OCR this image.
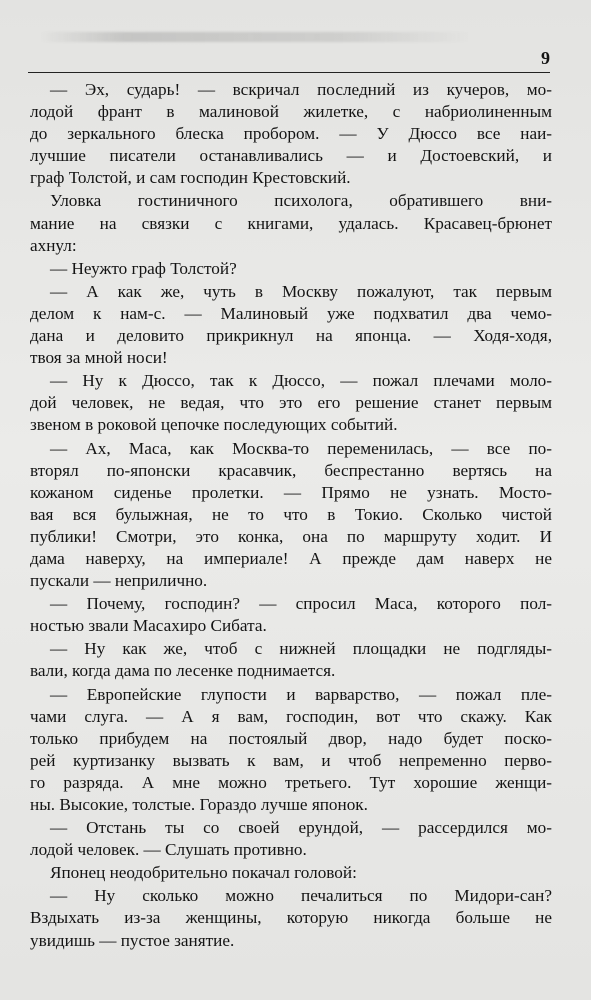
9
— Эх, сударь! — вскричал последний из кучеров, мо-
лодой франт в малиновой жилетке, с набриолиненным
до зеркального блеска пробором. — У Дюссо все наи-
лучшие писатели останавливались — и Достоевский, и
граф Толстой, и сам господин Крестовский.
Уловка гостиничного психолога, обратившего вни-
мание на связки с книгами, удалась. Красавец-брюнет
ахнул:
— Неужто граф Толстой?
— А как же, чуть в Москву пожалуют, так первым
делом к нам-с. — Малиновый уже подхватил два чемо-
дана и деловито прикрикнул на японца. — Ходя-ходя,
твоя за мной носи!
— Ну к Дюссо, так к Дюссо, — пожал плечами моло-
дой человек, не ведая, что это его решение станет первым
звеном в роковой цепочке последующих событий.
— Ах, Маса, как Москва-то переменилась, — все по-
вторял по-японски красавчик, беспрестанно вертясь на
кожаном сиденье пролетки. — Прямо не узнать. Мосто-
вая вся булыжная, не то что в Токио. Сколько чистой
публики! Смотри, это конка, она по маршруту ходит. И
дама наверху, на империале! А прежде дам наверх не
пускали — неприлично.
— Почему, господин? — спросил Маса, которого пол-
ностью звали Масахиро Сибата.
— Ну как же, чтоб с нижней площадки не подгляды-
вали, когда дама по лесенке поднимается.
— Европейские глупости и варварство, — пожал пле-
чами слуга. — А я вам, господин, вот что скажу. Как
только прибудем на постоялый двор, надо будет поско-
рей куртизанку вызвать к вам, и чтоб непременно перво-
го разряда. А мне можно третьего. Тут хорошие женщи-
ны. Высокие, толстые. Гораздо лучше японок.
— Отстань ты со своей ерундой, — рассердился мо-
лодой человек. — Слушать противно.
Японец неодобрительно покачал головой:
— Ну сколько можно печалиться по Мидори-сан?
Вздыхать из-за женщины, которую никогда больше не
увидишь — пустое занятие.
